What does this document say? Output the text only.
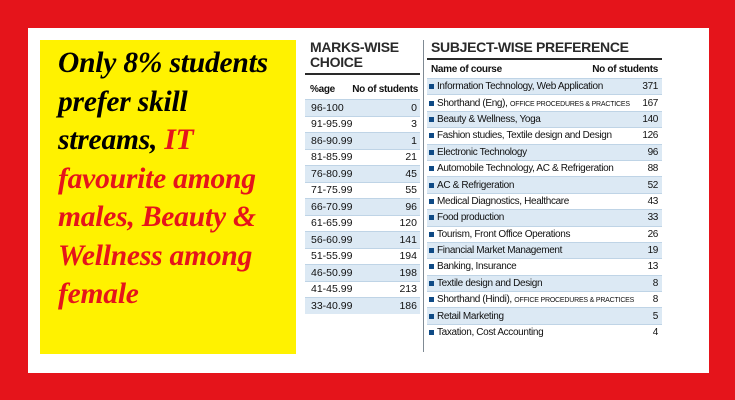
Only 8% students prefer skill streams, IT favourite among males, Beauty & Wellness among female
MARKS-WISE
CHOICE
%age No of students
96-100	0
91-95.99	3
86-90.99	1
81-85.99	21
76-80.99	45
71-75.99	55
66-70.99	96
61-65.99	120
56-60.99	141
51-55.99	194
46-50.99	198
41-45.99	213
33-40.99	186
SUBJECT-WISE PREFERENCE
Name of course	No of students
Information Technology, Web Application	371
Shorthand (Eng), OFFICE PROCEDURES & PRACTICES	167
Beauty & Wellness, Yoga	140
Fashion studies, Textile design and Design	126
Electronic Technology	96
Automobile Technology, AC & Refrigeration	88
AC & Refrigeration	52
Medical Diagnostics, Healthcare	43
Food production	33
Tourism, Front Office Operations	26
Financial Market Management	19
Banking, Insurance	13
Textile design and Design	8
Shorthand (Hindi), OFFICE PROCEDURES & PRACTICES	8
Retail Marketing	5
Taxation, Cost Accounting	4
